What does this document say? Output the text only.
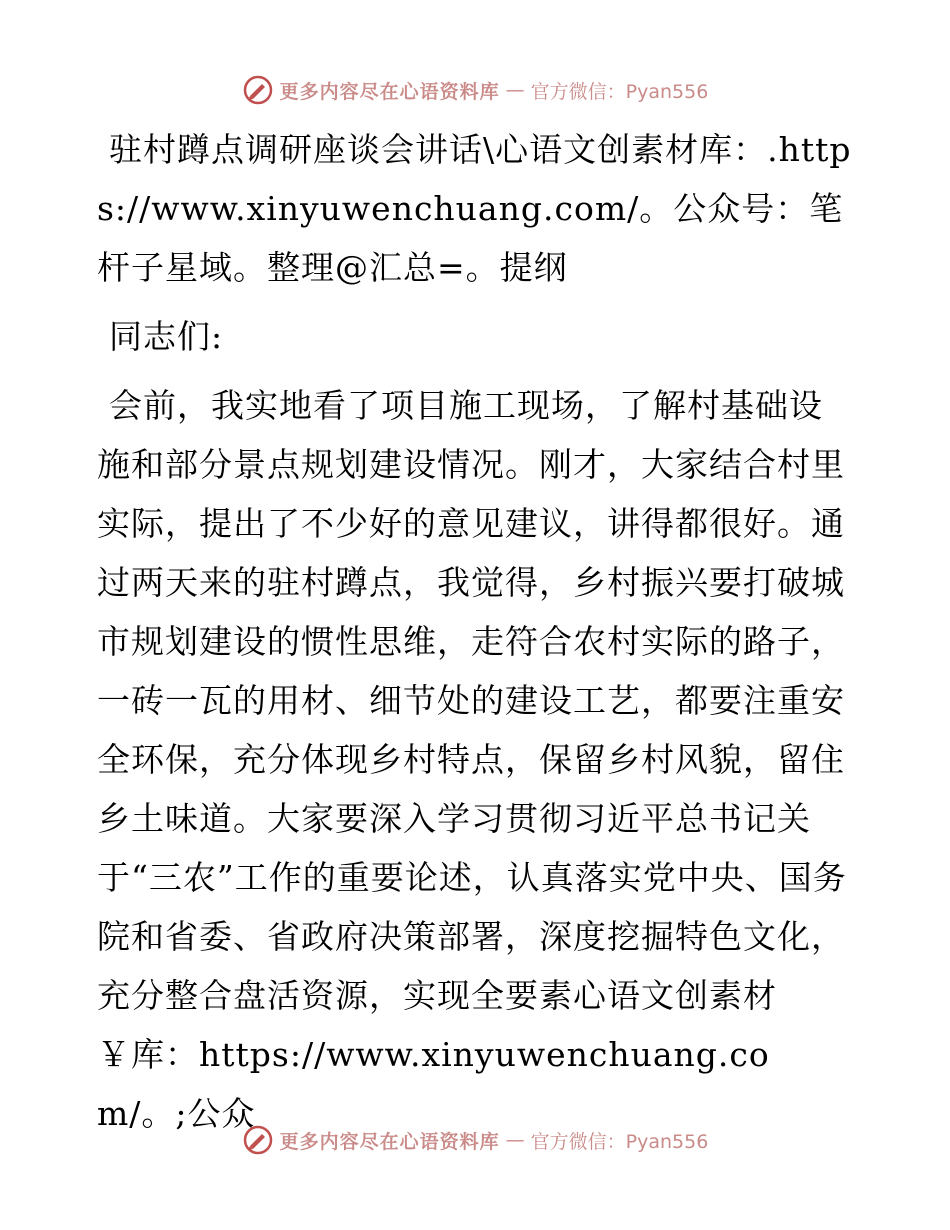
更多内容尽在心语资料库 — 官方微信：Pyan556

驻村蹲点调研座谈会讲话\心语文创素材库：.https://www.xinyuwenchuang.com/。公众号：笔杆子星域。整理@汇总=。提纲

同志们:

会前，我实地看了项目施工现场，了解村基础设施和部分景点规划建设情况。刚才，大家结合村里实际，提出了不少好的意见建议，讲得都很好。通过两天来的驻村蹲点，我觉得，乡村振兴要打破城市规划建设的惯性思维，走符合农村实际的路子，一砖一瓦的用材、细节处的建设工艺，都要注重安全环保，充分体现乡村特点，保留乡村风貌，留住乡土味道。大家要深入学习贯彻习近平总书记关于“三农”工作的重要论述，认真落实党中央、国务院和省委、省政府决策部署，深度挖掘特色文化，充分整合盘活资源，实现全要素心语文创素材￥库：https://www.xinyuwenchuang.com/。;公众

更多内容尽在心语资料库 — 官方微信：Pyan556
